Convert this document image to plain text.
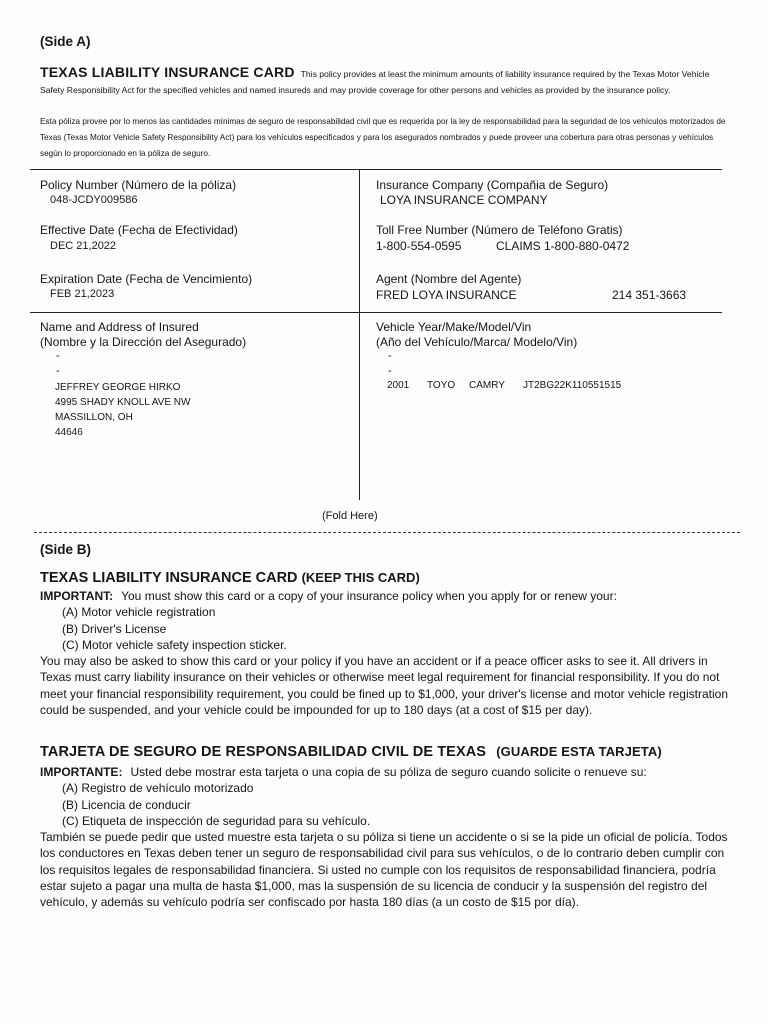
(Side A)
TEXAS LIABILITY INSURANCE CARD This policy provides at least the minimum amounts of liability insurance required by the Texas Motor Vehicle Safety Responsibility Act for the specified vehicles and named insureds and may provide coverage for other persons and vehicles as provided by the insurance policy.
Esta póliza provee por lo menos las cantidades mínimas de seguro de responsabilidad civil que es requerida por la ley de responsabilidad para la seguridad de los vehículos motorizados de Texas (Texas Motor Vehicle Safety Responsibility Act) para los vehículos especificados y para los asegurados nombrados y puede proveer una cobertura para otras personas y vehículos según lo proporcionado en la póliza de seguro.
Policy Number (Número de la póliza)
048-JCDY009586
Effective Date (Fecha de Efectividad)
DEC 21,2022
Expiration Date (Fecha de Vencimiento)
FEB 21,2023
Insurance Company (Compañia de Seguro)
LOYA INSURANCE COMPANY
Toll Free Number (Número de Teléfono Gratis)
1-800-554-0595	CLAIMS 1-800-880-0472
Agent (Nombre del Agente)
FRED LOYA INSURANCE	214 351-3663
Name and Address of Insured
(Nombre y la Dirección del Asegurado)
-
-
JEFFREY GEORGE HIRKO
4995 SHADY KNOLL AVE NW
MASSILLON, OH
44646
Vehicle Year/Make/Model/Vin
(Año del Vehículo/Marca/ Modelo/Vin)
-
-
2001 TOYO CAMRY JT2BG22K110551515
(Fold Here)
(Side B)
TEXAS LIABILITY INSURANCE CARD (KEEP THIS CARD)
IMPORTANT: You must show this card or a copy of your insurance policy when you apply for or renew your:
(A) Motor vehicle registration
(B) Driver's License
(C) Motor vehicle safety inspection sticker.
You may also be asked to show this card or your policy if you have an accident or if a peace officer asks to see it. All drivers in Texas must carry liability insurance on their vehicles or otherwise meet legal requirement for financial responsibility. If you do not meet your financial responsibility requirement, you could be fined up to $1,000, your driver's license and motor vehicle registration could be suspended, and your vehicle could be impounded for up to 180 days (at a cost of $15 per day).
TARJETA DE SEGURO DE RESPONSABILIDAD CIVIL DE TEXAS (GUARDE ESTA TARJETA)
IMPORTANTE: Usted debe mostrar esta tarjeta o una copia de su póliza de seguro cuando solicite o renueve su:
(A) Registro de vehículo motorizado
(B) Licencia de conducir
(C) Etiqueta de inspección de seguridad para su vehículo.
También se puede pedir que usted muestre esta tarjeta o su póliza si tiene un accidente o si se la pide un oficial de policía. Todos los conductores en Texas deben tener un seguro de responsabilidad civil para sus vehículos, o de lo contrario deben cumplir con los requisitos legales de responsabilidad financiera. Si usted no cumple con los requisitos de responsabilidad financiera, podría estar sujeto a pagar una multa de hasta $1,000, mas la suspensión de su licencia de conducir y la suspensión del registro del vehículo, y además su vehículo podría ser confiscado por hasta 180 días (a un costo de $15 por día).
